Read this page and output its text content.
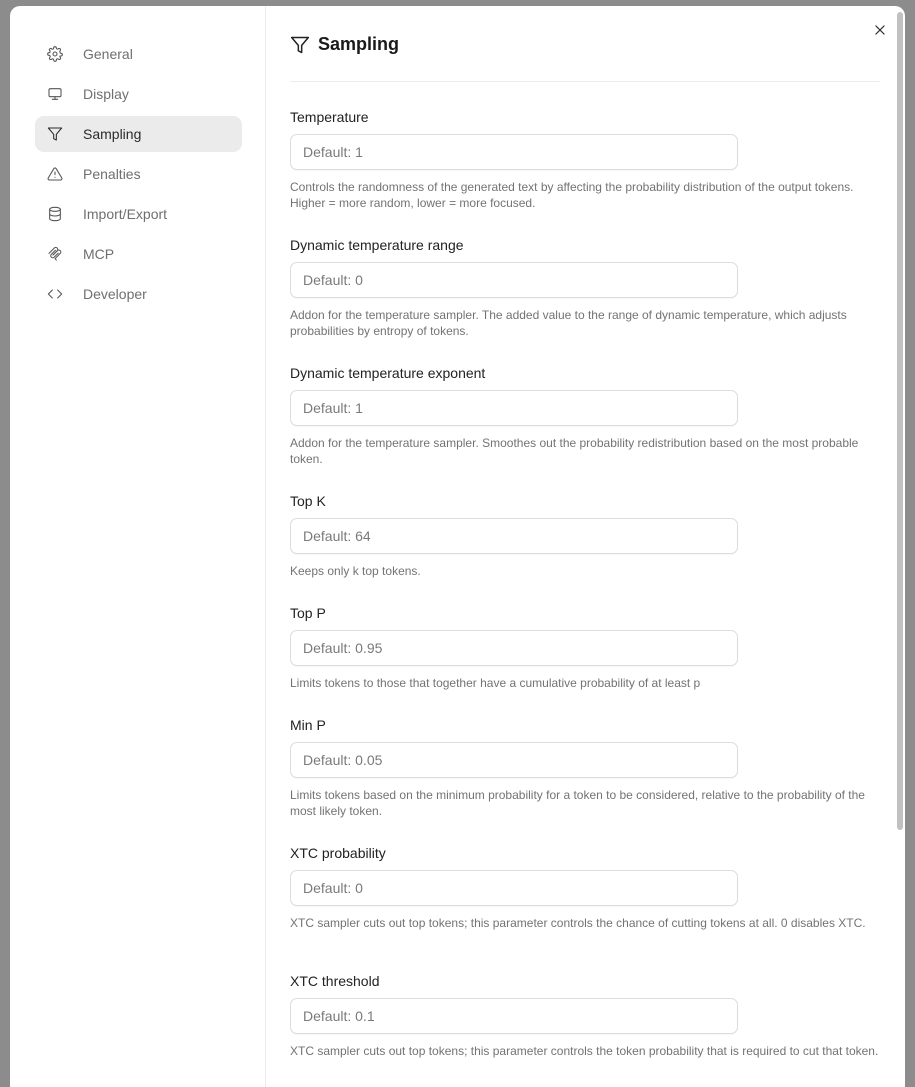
General
Display
Sampling
Penalties
Import/Export
MCP
Developer
Sampling
Temperature
Default: 1
Controls the randomness of the generated text by affecting the probability distribution of the output tokens. Higher = more random, lower = more focused.
Dynamic temperature range
Default: 0
Addon for the temperature sampler. The added value to the range of dynamic temperature, which adjusts probabilities by entropy of tokens.
Dynamic temperature exponent
Default: 1
Addon for the temperature sampler. Smoothes out the probability redistribution based on the most probable token.
Top K
Default: 64
Keeps only k top tokens.
Top P
Default: 0.95
Limits tokens to those that together have a cumulative probability of at least p
Min P
Default: 0.05
Limits tokens based on the minimum probability for a token to be considered, relative to the probability of the most likely token.
XTC probability
Default: 0
XTC sampler cuts out top tokens; this parameter controls the chance of cutting tokens at all. 0 disables XTC.
XTC threshold
Default: 0.1
XTC sampler cuts out top tokens; this parameter controls the token probability that is required to cut that token.
